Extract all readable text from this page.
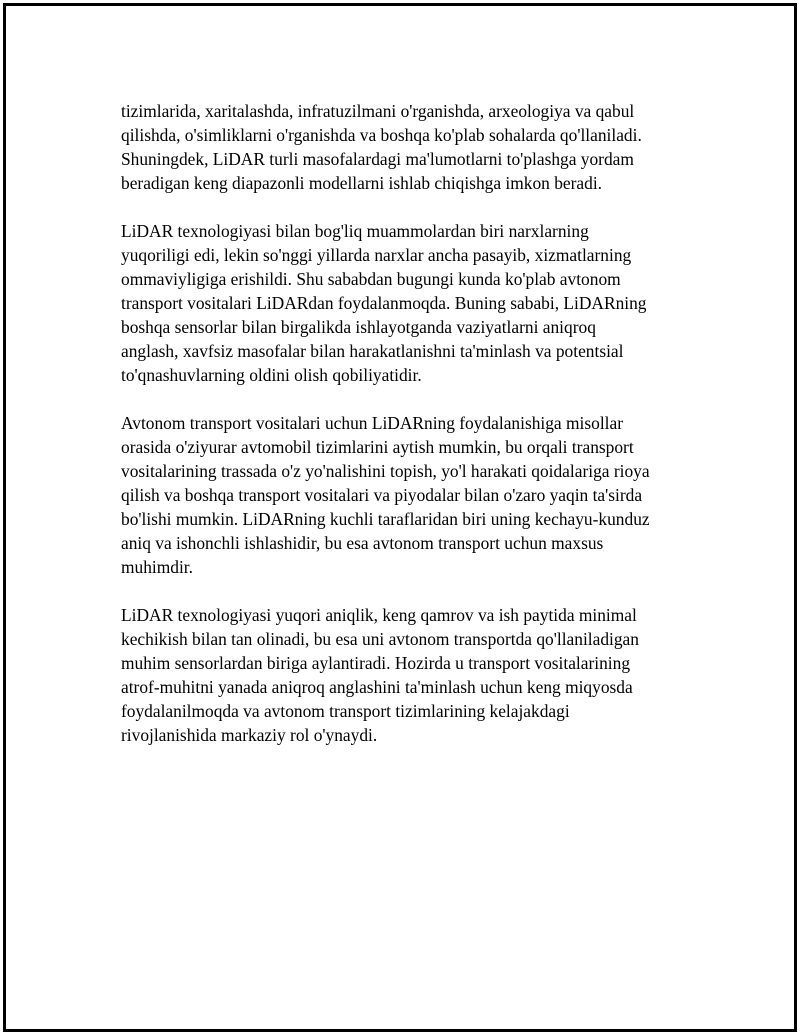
tizimlarida, xaritalashda, infratuzilmani o'rganishda, arxeologiya va qabul
qilishda, o'simliklarni o'rganishda va boshqa ko'plab sohalarda qo'llaniladi.
Shuningdek, LiDAR turli masofalardagi ma'lumotlarni to'plashga yordam
beradigan keng diapazonli modellarni ishlab chiqishga imkon beradi.

LiDAR texnologiyasi bilan bog'liq muammolardan biri narxlarning
yuqoriligi edi, lekin so'nggi yillarda narxlar ancha pasayib, xizmatlarning
ommaviyligiga erishildi. Shu sababdan bugungi kunda ko'plab avtonom
transport vositalari LiDARdan foydalanmoqda. Buning sababi, LiDARning
boshqa sensorlar bilan birgalikda ishlayotganda vaziyatlarni aniqroq
anglash, xavfsiz masofalar bilan harakatlanishni ta'minlash va potentsial
to'qnashuvlarning oldini olish qobiliyatidir.

Avtonom transport vositalari uchun LiDARning foydalanishiga misollar
orasida o'ziyurar avtomobil tizimlarini aytish mumkin, bu orqali transport
vositalarining trassada o'z yo'nalishini topish, yo'l harakati qoidalariga rioya
qilish va boshqa transport vositalari va piyodalar bilan o'zaro yaqin ta'sirda
bo'lishi mumkin. LiDARning kuchli taraflaridan biri uning kechayu-kunduz
aniq va ishonchli ishlashidir, bu esa avtonom transport uchun maxsus
muhimdir.

LiDAR texnologiyasi yuqori aniqlik, keng qamrov va ish paytida minimal
kechikish bilan tan olinadi, bu esa uni avtonom transportda qo'llaniladigan
muhim sensorlardan biriga aylantiradi. Hozirda u transport vositalarining
atrof-muhitni yanada aniqroq anglashini ta'minlash uchun keng miqyosda
foydalanilmoqda va avtonom transport tizimlarining kelajakdagi
rivojlanishida markaziy rol o'ynaydi.
